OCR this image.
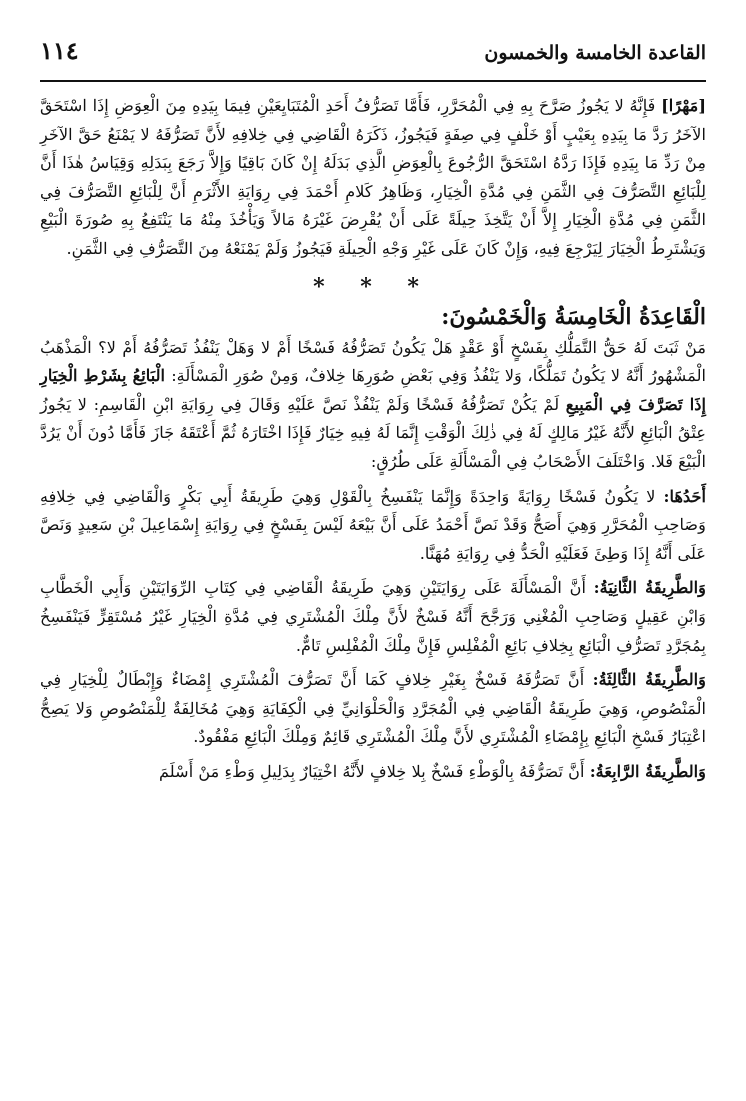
القاعدة الخامسة والخمسون
١١٤

[مَهْرًا] فَإِنَّهُ لا يَجُوزُ صَرَّحَ بِهِ فِي الْمُحَرَّرِ، فَأَمَّا تَصَرُّفُ أَحَدِ الْمُتَبَايِعَيْنِ فِيمَا بِيَدِهِ مِنَ الْعِوَضِ إِذَا اسْتَحَقَّ الآخَرُ رَدَّ مَا بِيَدِهِ بِعَيْبٍ أَوْ خَلْفٍ فِي صِفَةٍ فَيَجُوزُ، ذَكَرَهُ الْقَاضِي فِي خِلافِهِ لأَنَّ تَصَرُّفَهُ لا يَمْنَعُ حَقَّ الآخَرِ مِنْ رَدِّ مَا بِيَدِهِ فَإِذَا رَدَّهُ اسْتَحَقَّ الرُّجُوعَ بِالْعِوَضِ الَّذِي بَدَلَهُ إِنْ كَانَ بَاقِيًا وَإِلاَّ رَجَعَ بِبَدَلِهِ وَقِيَاسُ هٰذَا أَنَّ لِلْبَائِعِ التَّصَرُّفَ فِي الثَّمَنِ فِي مُدَّةِ الْخِيَارِ، وَظَاهِرُ كَلامِ أَحْمَدَ فِي رِوَايَةِ الأَثْرَمِ أَنَّ لِلْبَائِعِ التَّصَرُّفَ فِي الثَّمَنِ فِي مُدَّةِ الْخِيَارِ إِلاَّ أَنْ يَتَّخِذَ حِيلَةً عَلَى أَنْ يُقْرِضَ غَيْرَهُ مَالاً وَيَأْخُذَ مِنْهُ مَا يَنْتَفِعُ بِهِ صُورَةَ الْبَيْعِ وَيَشْتَرِطُ الْخِيَارَ لِيَرْجِعَ فِيهِ، وَإِنْ كَانَ عَلَى غَيْرِ وَجْهِ الْحِيلَةِ فَيَجُوزُ وَلَمْ يَمْنَعْهُ مِنَ التَّصَرُّفِ فِي الثَّمَنِ.

* * *
الْقَاعِدَةُ الْخَامِسَةُ وَالْخَمْسُونَ:

مَنْ ثَبَتَ لَهُ حَقُّ التَّمَلُّكِ بِفَسْخٍ أَوْ عَقْدٍ هَلْ يَكُونُ تَصَرُّفُهُ فَسْخًا أَمْ لا وَهَلْ يَنْفُذُ تَصَرُّفُهُ أَمْ لا؟ الْمَذْهَبُ الْمَشْهُورُ أَنَّهُ لا يَكُونُ تَمَلُّكًا، وَلا يَنْفُذُ وَفِي بَعْضِ صُوَرِهَا خِلافٌ، وَمِنْ صُوَرِ الْمَسْأَلَةِ: الْبَائِعُ بِشَرْطِ الْخِيَارِ إِذَا تَصَرَّفَ فِي الْمَبِيعِ لَمْ يَكُنْ تَصَرُّفُهُ فَسْخًا وَلَمْ يَنْفُذْ نَصَّ عَلَيْهِ وَقَالَ فِي رِوَايَةِ ابْنِ الْقَاسِمِ: لا يَجُوزُ عِتْقُ الْبَائِعِ لأَنَّهُ غَيْرُ مَالِكٍ لَهُ فِي ذٰلِكَ الْوَقْتِ إِنَّمَا لَهُ فِيهِ خِيَارٌ فَإِذَا اخْتَارَهُ ثُمَّ أَعْتَقَهُ جَازَ فَأَمَّا دُونَ أَنْ يَرُدَّ الْبَيْعَ فَلا. وَاخْتَلَفَ الأَصْحَابُ فِي الْمَسْأَلَةِ عَلَى طُرُقٍ:

أَحَدُهَا: لا يَكُونُ فَسْخًا رِوَايَةً وَاحِدَةً وَإِنَّمَا يَنْفَسِخُ بِالْقَوْلِ وَهِيَ طَرِيقَةُ أَبِي بَكْرٍ وَالْقَاضِي فِي خِلافِهِ وَصَاحِبِ الْمُحَرَّرِ وَهِيَ أَصَحُّ وَقَدْ نَصَّ أَحْمَدُ عَلَى أَنَّ بَيْعَهُ لَيْسَ بِفَسْخٍ فِي رِوَايَةِ إِسْمَاعِيلَ بْنِ سَعِيدٍ وَنَصَّ عَلَى أَنَّهُ إِذَا وَطِئَ فَعَلَيْهِ الْحَدُّ فِي رِوَايَةِ مُهَنَّا.

وَالطَّرِيقَةُ الثَّانِيَةُ: أَنَّ الْمَسْأَلَةَ عَلَى رِوَايَتَيْنِ وَهِيَ طَرِيقَةُ الْقَاضِي فِي كِتَابِ الرِّوَايَتَيْنِ وَأَبِي الْخَطَّابِ وَابْنِ عَقِيلٍ وَصَاحِبِ الْمُغْنِي وَرَجَّحَ أَنَّهُ فَسْخٌ لأَنَّ مِلْكَ الْمُشْتَرِي فِي مُدَّةِ الْخِيَارِ غَيْرُ مُسْتَقِرٍّ فَيَنْفَسِخُ بِمُجَرَّدِ تَصَرُّفِ الْبَائِعِ بِخِلافِ بَائِعِ الْمُفْلِسِ فَإِنَّ مِلْكَ الْمُفْلِسِ تَامٌّ.

وَالطَّرِيقَةُ الثَّالِثَةُ: أَنَّ تَصَرُّفَهُ فَسْخٌ بِغَيْرِ خِلافٍ كَمَا أَنَّ تَصَرُّفَ الْمُشْتَرِي إِمْضَاءٌ وَإِبْطَالٌ لِلْخِيَارِ فِي الْمَنْصُوصِ، وَهِيَ طَرِيقَةُ الْقَاضِي فِي الْمُجَرَّدِ وَالْحَلْوَانِيِّ فِي الْكِفَايَةِ وَهِيَ مُخَالِفَةٌ لِلْمَنْصُوصِ وَلا يَصِحُّ اعْتِبَارُ فَسْخِ الْبَائِعِ بِإِمْضَاءِ الْمُشْتَرِي لأَنَّ مِلْكَ الْمُشْتَرِي قَائِمٌ وَمِلْكَ الْبَائِعِ مَفْقُودٌ.

وَالطَّرِيقَةُ الرَّابِعَةُ: أَنَّ تَصَرُّفَهُ بِالْوَطْءِ فَسْخٌ بِلا خِلافٍ لأَنَّهُ اخْتِيَارٌ بِدَلِيلِ وَطْءِ مَنْ أَسْلَمَ
